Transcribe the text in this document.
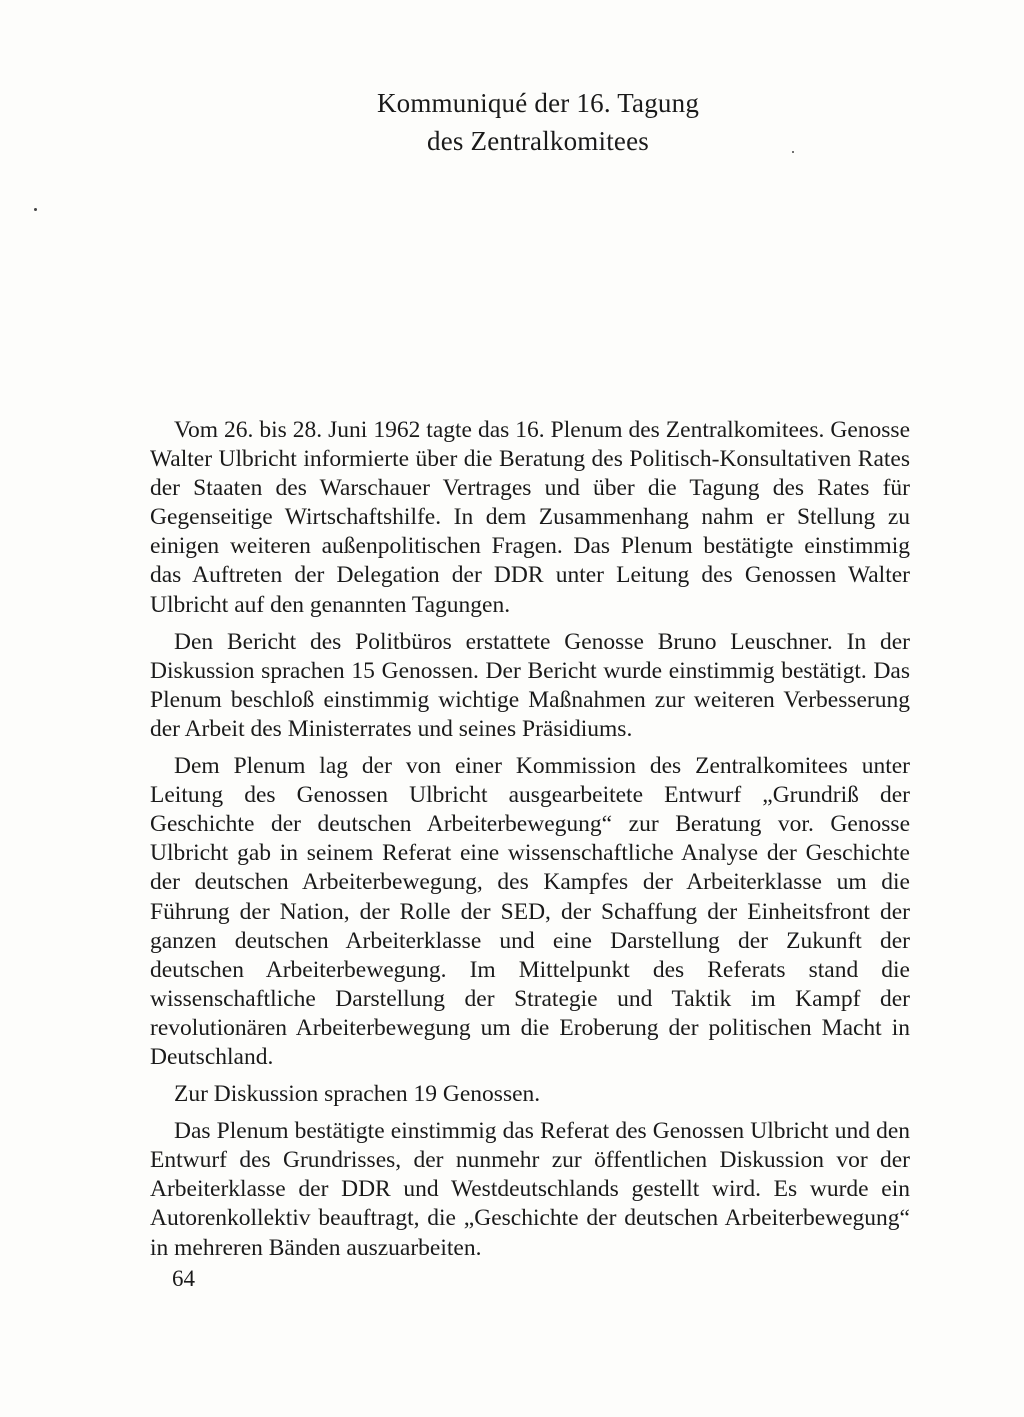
Kommuniqué der 16. Tagung
des Zentralkomitees

Vom 26. bis 28. Juni 1962 tagte das 16. Plenum des Zentralkomitees. Genosse Walter Ulbricht informierte über die Beratung des Politisch-Konsultativen Rates der Staaten des Warschauer Vertrages und über die Tagung des Rates für Gegenseitige Wirtschaftshilfe. In dem Zusammenhang nahm er Stellung zu einigen weiteren außenpolitischen Fragen. Das Plenum bestätigte einstimmig das Auftreten der Delegation der DDR unter Leitung des Genossen Walter Ulbricht auf den genannten Tagungen.

Den Bericht des Politbüros erstattete Genosse Bruno Leuschner. In der Diskussion sprachen 15 Genossen. Der Bericht wurde einstimmig bestätigt. Das Plenum beschloß einstimmig wichtige Maßnahmen zur weiteren Verbesserung der Arbeit des Ministerrates und seines Präsidiums.

Dem Plenum lag der von einer Kommission des Zentralkomitees unter Leitung des Genossen Ulbricht ausgearbeitete Entwurf „Grundriß der Geschichte der deutschen Arbeiterbewegung“ zur Beratung vor. Genosse Ulbricht gab in seinem Referat eine wissenschaftliche Analyse der Geschichte der deutschen Arbeiterbewegung, des Kampfes der Arbeiterklasse um die Führung der Nation, der Rolle der SED, der Schaffung der Einheitsfront der ganzen deutschen Arbeiterklasse und eine Darstellung der Zukunft der deutschen Arbeiterbewegung. Im Mittelpunkt des Referats stand die wissenschaftliche Darstellung der Strategie und Taktik im Kampf der revolutionären Arbeiterbewegung um die Eroberung der politischen Macht in Deutschland.

Zur Diskussion sprachen 19 Genossen.

Das Plenum bestätigte einstimmig das Referat des Genossen Ulbricht und den Entwurf des Grundrisses, der nunmehr zur öffentlichen Diskussion vor der Arbeiterklasse der DDR und Westdeutschlands gestellt wird. Es wurde ein Autorenkollektiv beauftragt, die „Geschichte der deutschen Arbeiterbewegung“ in mehreren Bänden auszuarbeiten.

64
